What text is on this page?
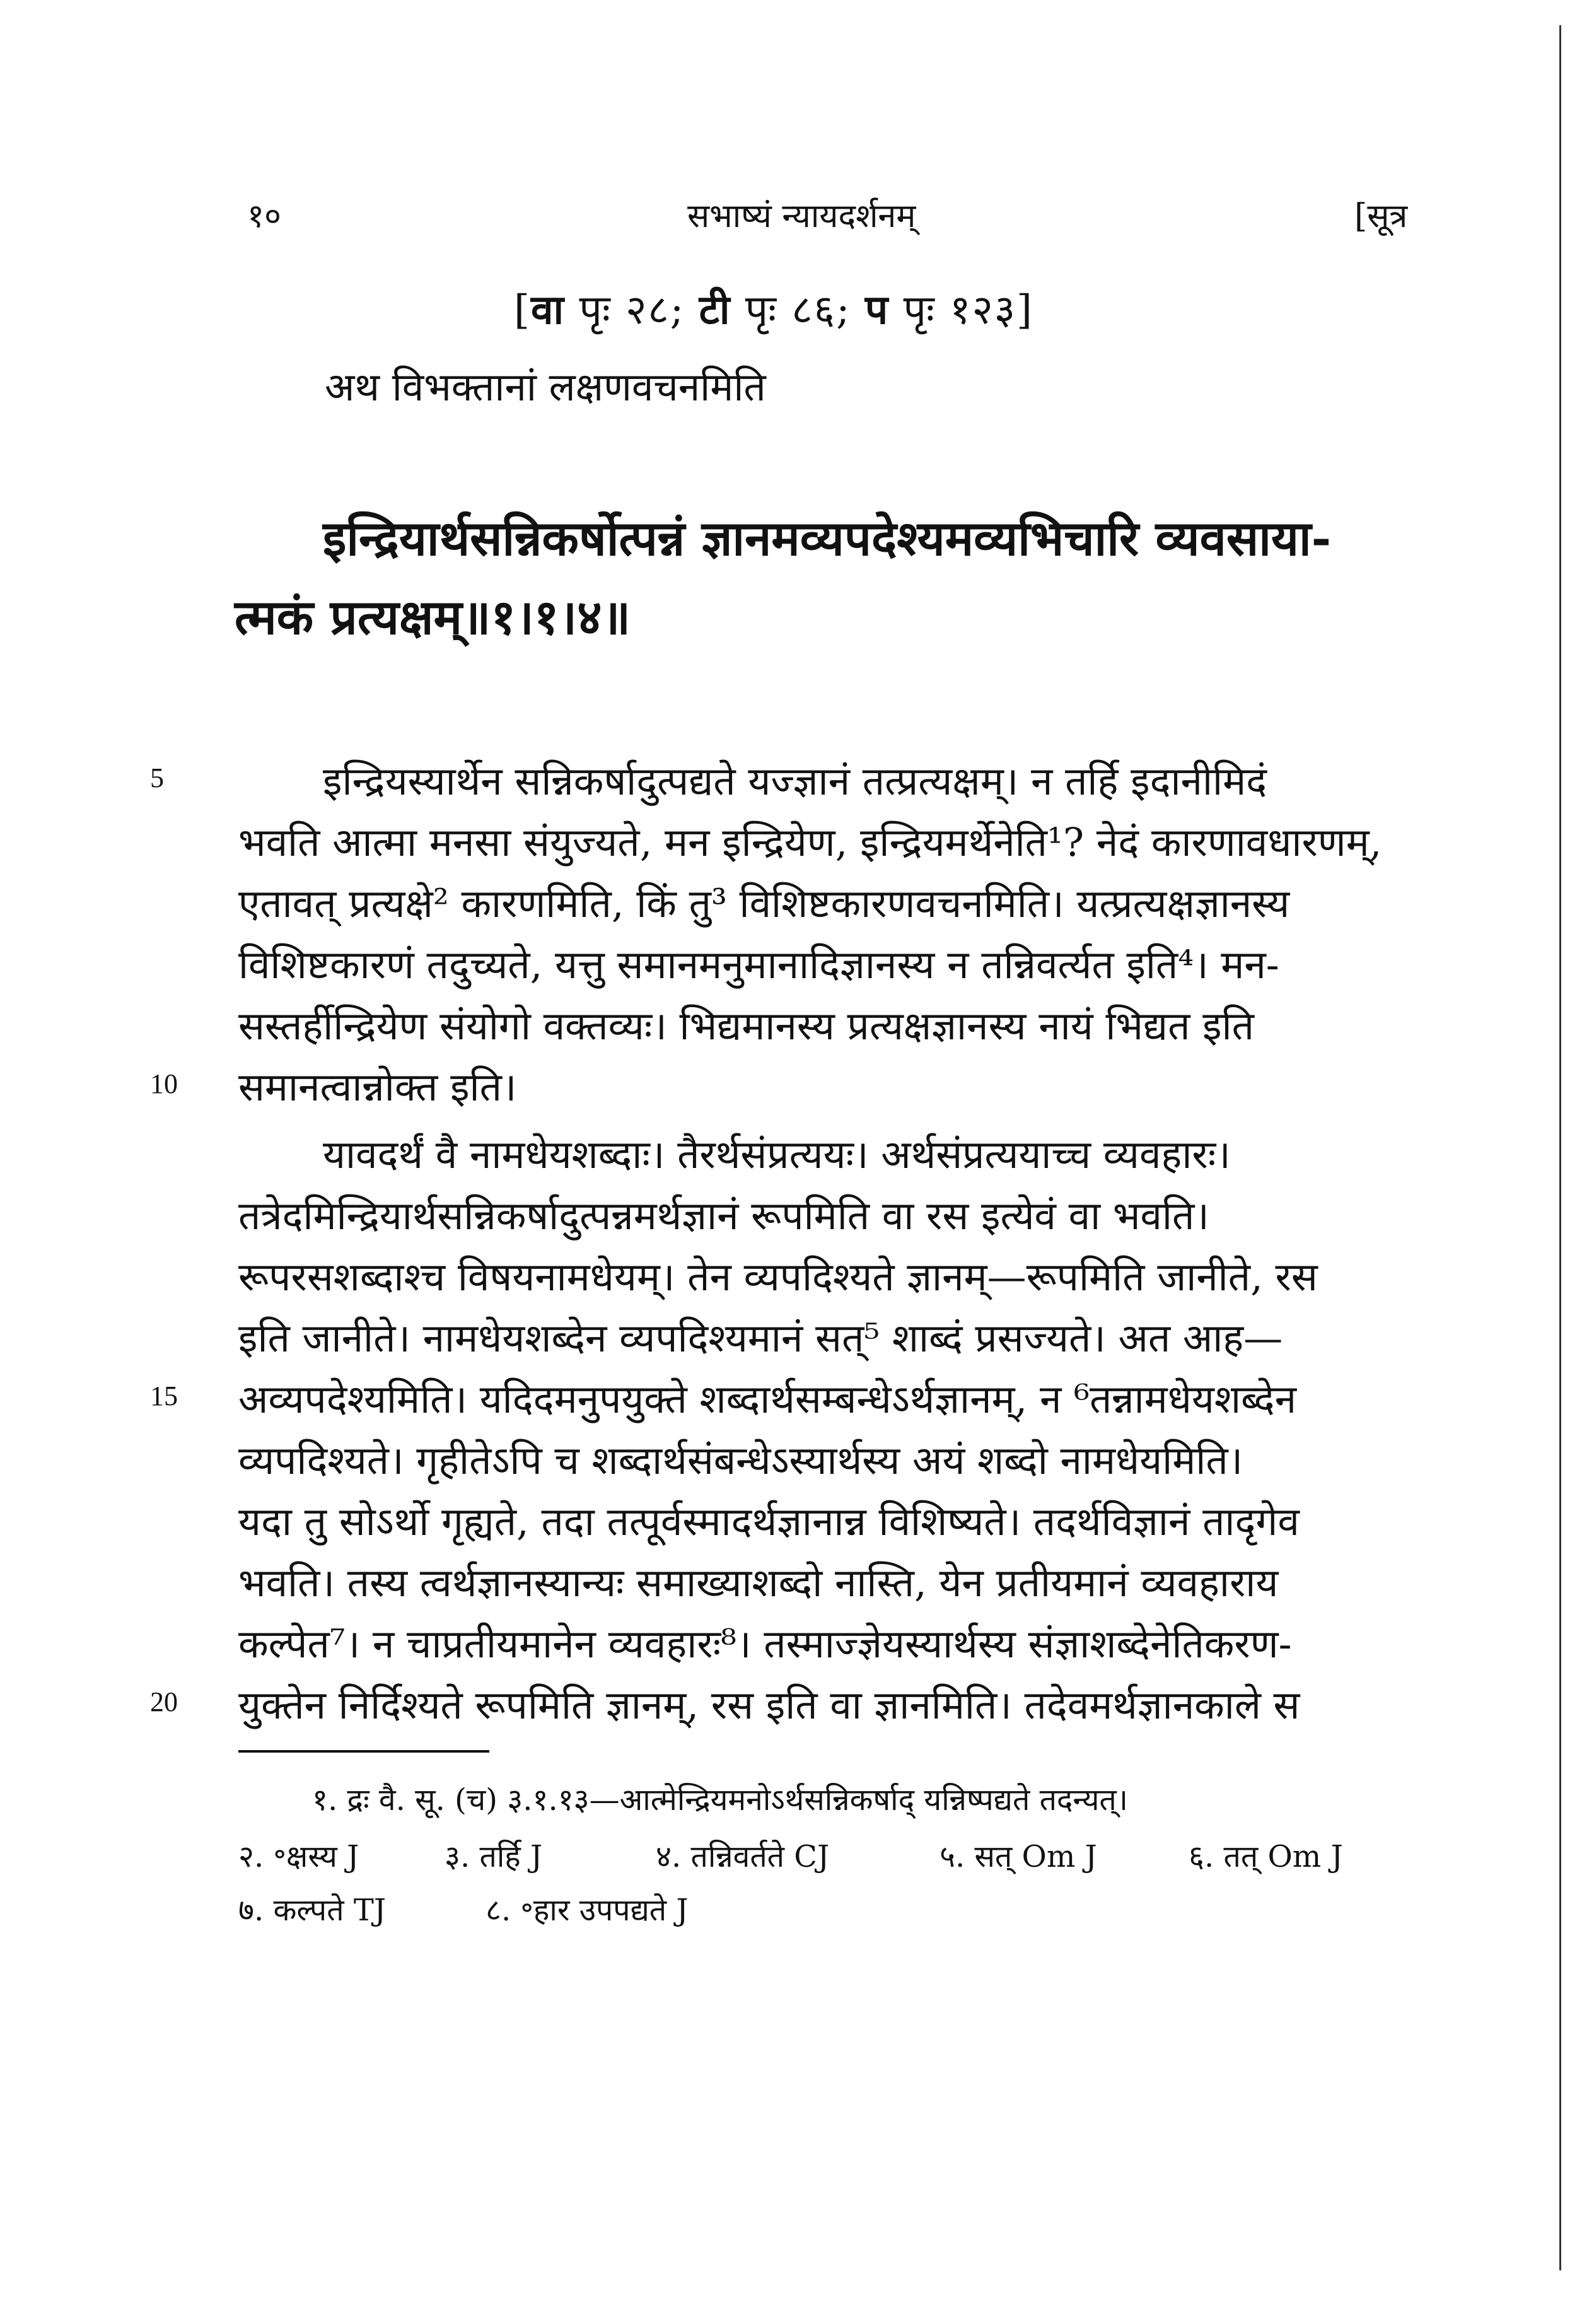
१०	सभाष्यं न्यायदर्शनम्	[सूत्र
[वा पृः २८; टी पृः ८६; प पृः १२३]
अथ विभक्तानां लक्षणवचनमिति
इन्द्रियार्थसन्निकर्षोत्पन्नं ज्ञानमव्यपदेश्यमव्यभिचारि व्यवसाया-
त्मकं प्रत्यक्षम्॥१।१।४॥
इन्द्रियस्यार्थेन सन्निकर्षादुत्पद्यते यज्ज्ञानं तत्प्रत्यक्षम्। न तर्हि इदानीमिदं
भवति आत्मा मनसा संयुज्यते, मन इन्द्रियेण, इन्द्रियमर्थेनेति¹? नेदं कारणावधारणम्,
एतावत् प्रत्यक्षे² कारणमिति, किं तु³ विशिष्टकारणवचनमिति। यत्प्रत्यक्षज्ञानस्य
विशिष्टकारणं तदुच्यते, यत्तु समानमनुमानादिज्ञानस्य न तन्निवर्त्यत इति⁴। मन-
सस्तर्हीन्द्रियेण संयोगो वक्तव्यः। भिद्यमानस्य प्रत्यक्षज्ञानस्य नायं भिद्यत इति
समानत्वान्नोक्त इति।
यावदर्थं वै नामधेयशब्दाः। तैरर्थसंप्रत्ययः। अर्थसंप्रत्ययाच्च व्यवहारः।
तत्रेदमिन्द्रियार्थसन्निकर्षादुत्पन्नमर्थज्ञानं रूपमिति वा रस इत्येवं वा भवति।
रूपरसशब्दाश्च विषयनामधेयम्। तेन व्यपदिश्यते ज्ञानम्—रूपमिति जानीते, रस
इति जानीते। नामधेयशब्देन व्यपदिश्यमानं सत्⁵ शाब्दं प्रसज्यते। अत आह—
अव्यपदेश्यमिति। यदिदमनुपयुक्ते शब्दार्थसम्बन्धेऽर्थज्ञानम्, न ⁶तन्नामधेयशब्देन
व्यपदिश्यते। गृहीतेऽपि च शब्दार्थसंबन्धेऽस्यार्थस्य अयं शब्दो नामधेयमिति।
यदा तु सोऽर्थो गृह्यते, तदा तत्पूर्वस्मादर्थज्ञानान्न विशिष्यते। तदर्थविज्ञानं तादृगेव
भवति। तस्य त्वर्थज्ञानस्यान्यः समाख्याशब्दो नास्ति, येन प्रतीयमानं व्यवहाराय
कल्पेत⁷। न चाप्रतीयमानेन व्यवहारः⁸। तस्माज्ज्ञेयस्यार्थस्य संज्ञाशब्देनेतिकरण-
युक्तेन निर्दिश्यते रूपमिति ज्ञानम्, रस इति वा ज्ञानमिति। तदेवमर्थज्ञानकाले स
5
10
15
20
१. द्रः वै. सू. (च) ३.१.१३—आत्मेन्द्रियमनोऽर्थसन्निकर्षाद् यन्निष्पद्यते तदन्यत्।
२. ॰क्षस्य J	३. तर्हि J	४. तन्निवर्तते CJ	५. सत् Om J	६. तत् Om J
७. कल्पते TJ	८. ॰हार उपपद्यते J
